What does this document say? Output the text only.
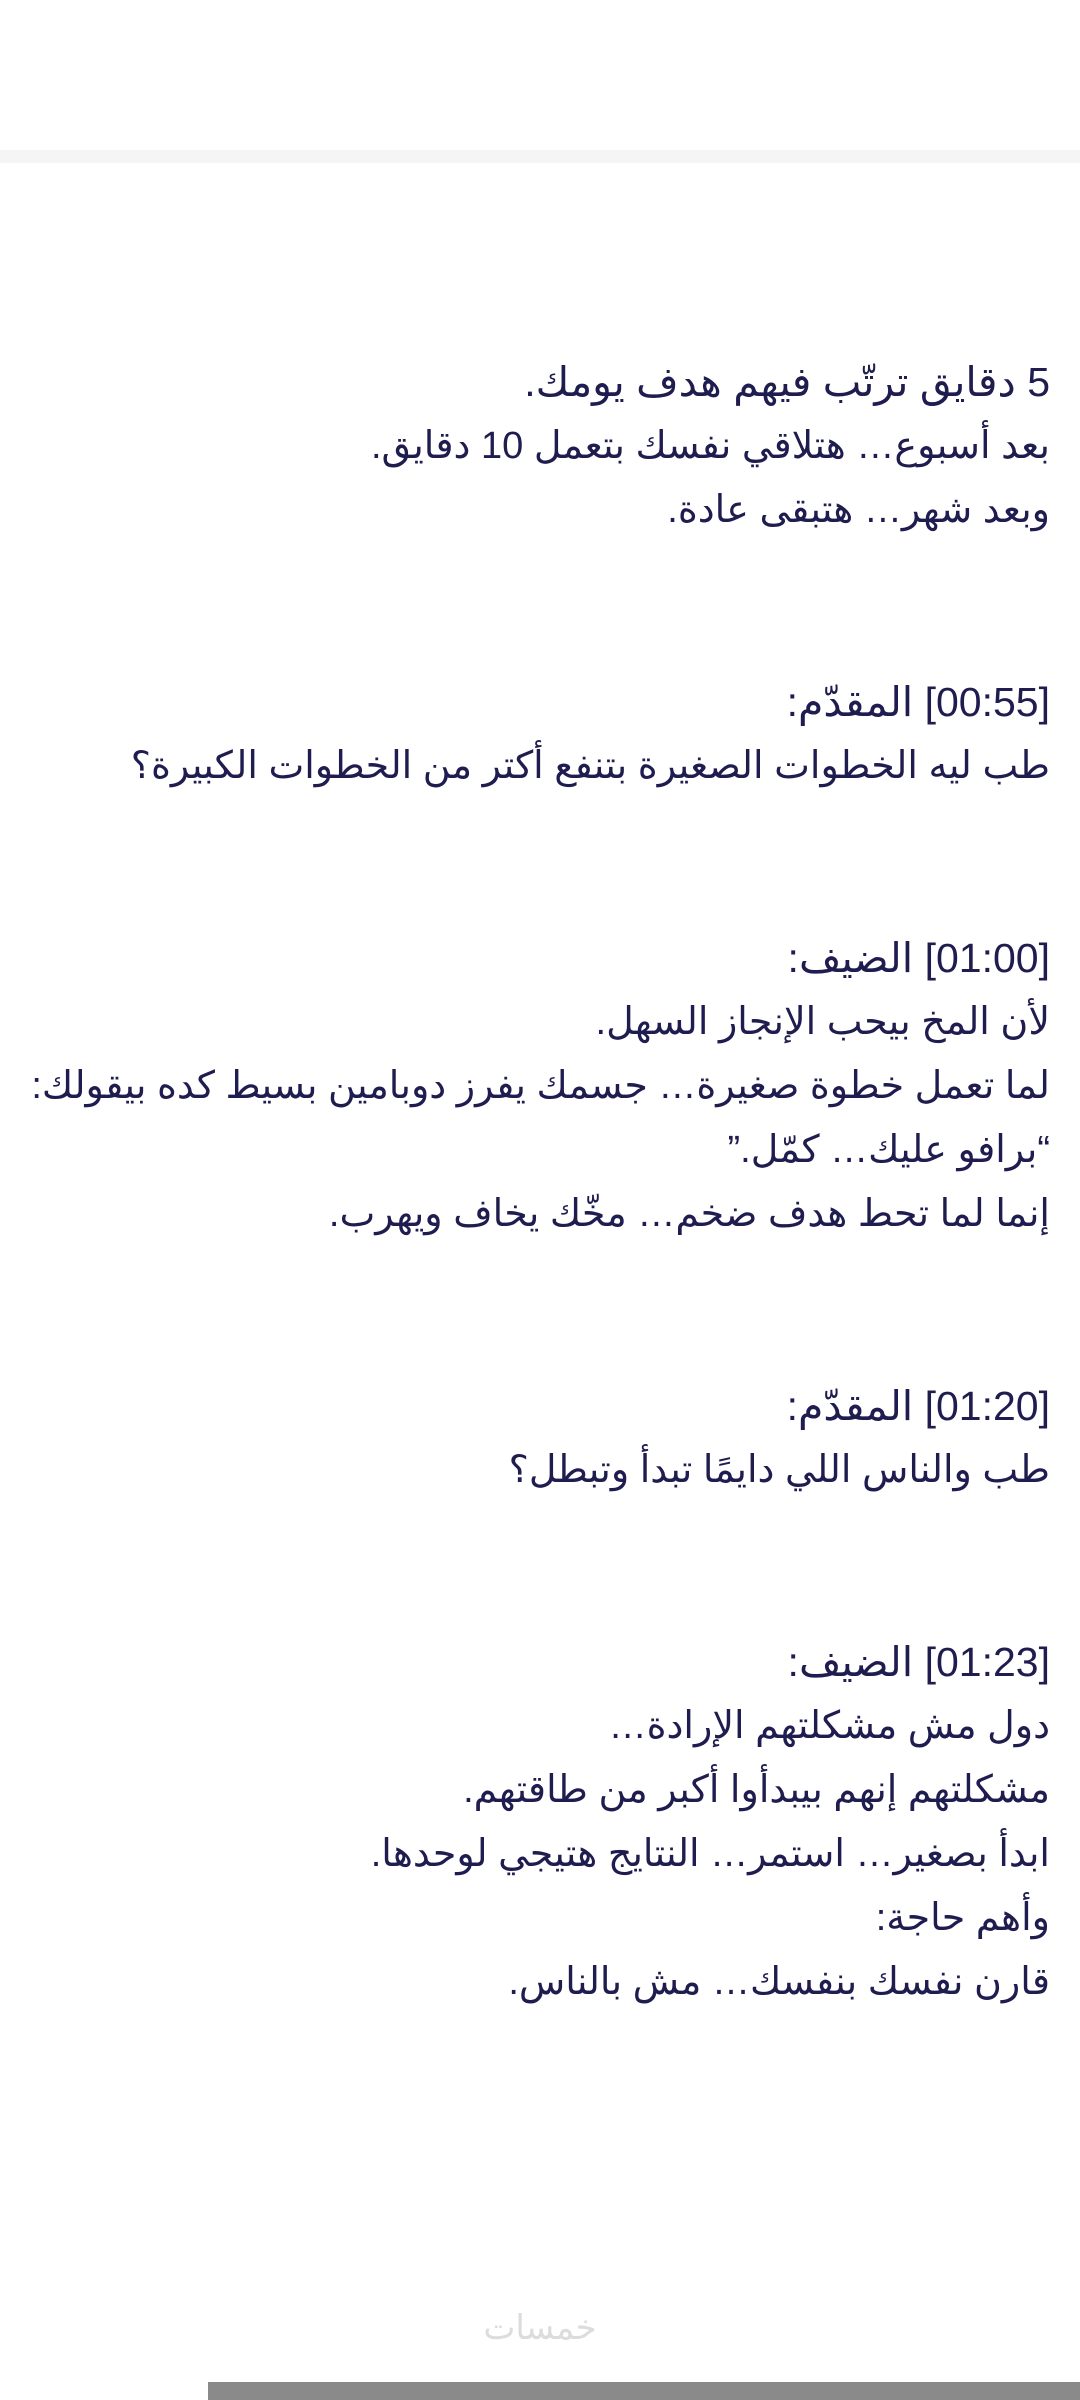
5 دقايق ترتّب فيهم هدف يومك.
بعد أسبوع… هتلاقي نفسك بتعمل 10 دقايق.
وبعد شهر… هتبقى عادة.
[00:55] المقدّم:
طب ليه الخطوات الصغيرة بتنفع أكتر من الخطوات الكبيرة؟
[01:00] الضيف:
لأن المخ بيحب الإنجاز السهل.
لما تعمل خطوة صغيرة… جسمك يفرز دوبامين بسيط كده بيقولك:
“برافو عليك… كمّل.”
إنما لما تحط هدف ضخم… مخّك يخاف ويهرب.
[01:20] المقدّم:
طب والناس اللي دايمًا تبدأ وتبطل؟
[01:23] الضيف:
دول مش مشكلتهم الإرادة…
مشكلتهم إنهم بيبدأوا أكبر من طاقتهم.
ابدأ بصغير… استمر… النتايج هتيجي لوحدها.
وأهم حاجة:
قارن نفسك بنفسك… مش بالناس.
خمسات
